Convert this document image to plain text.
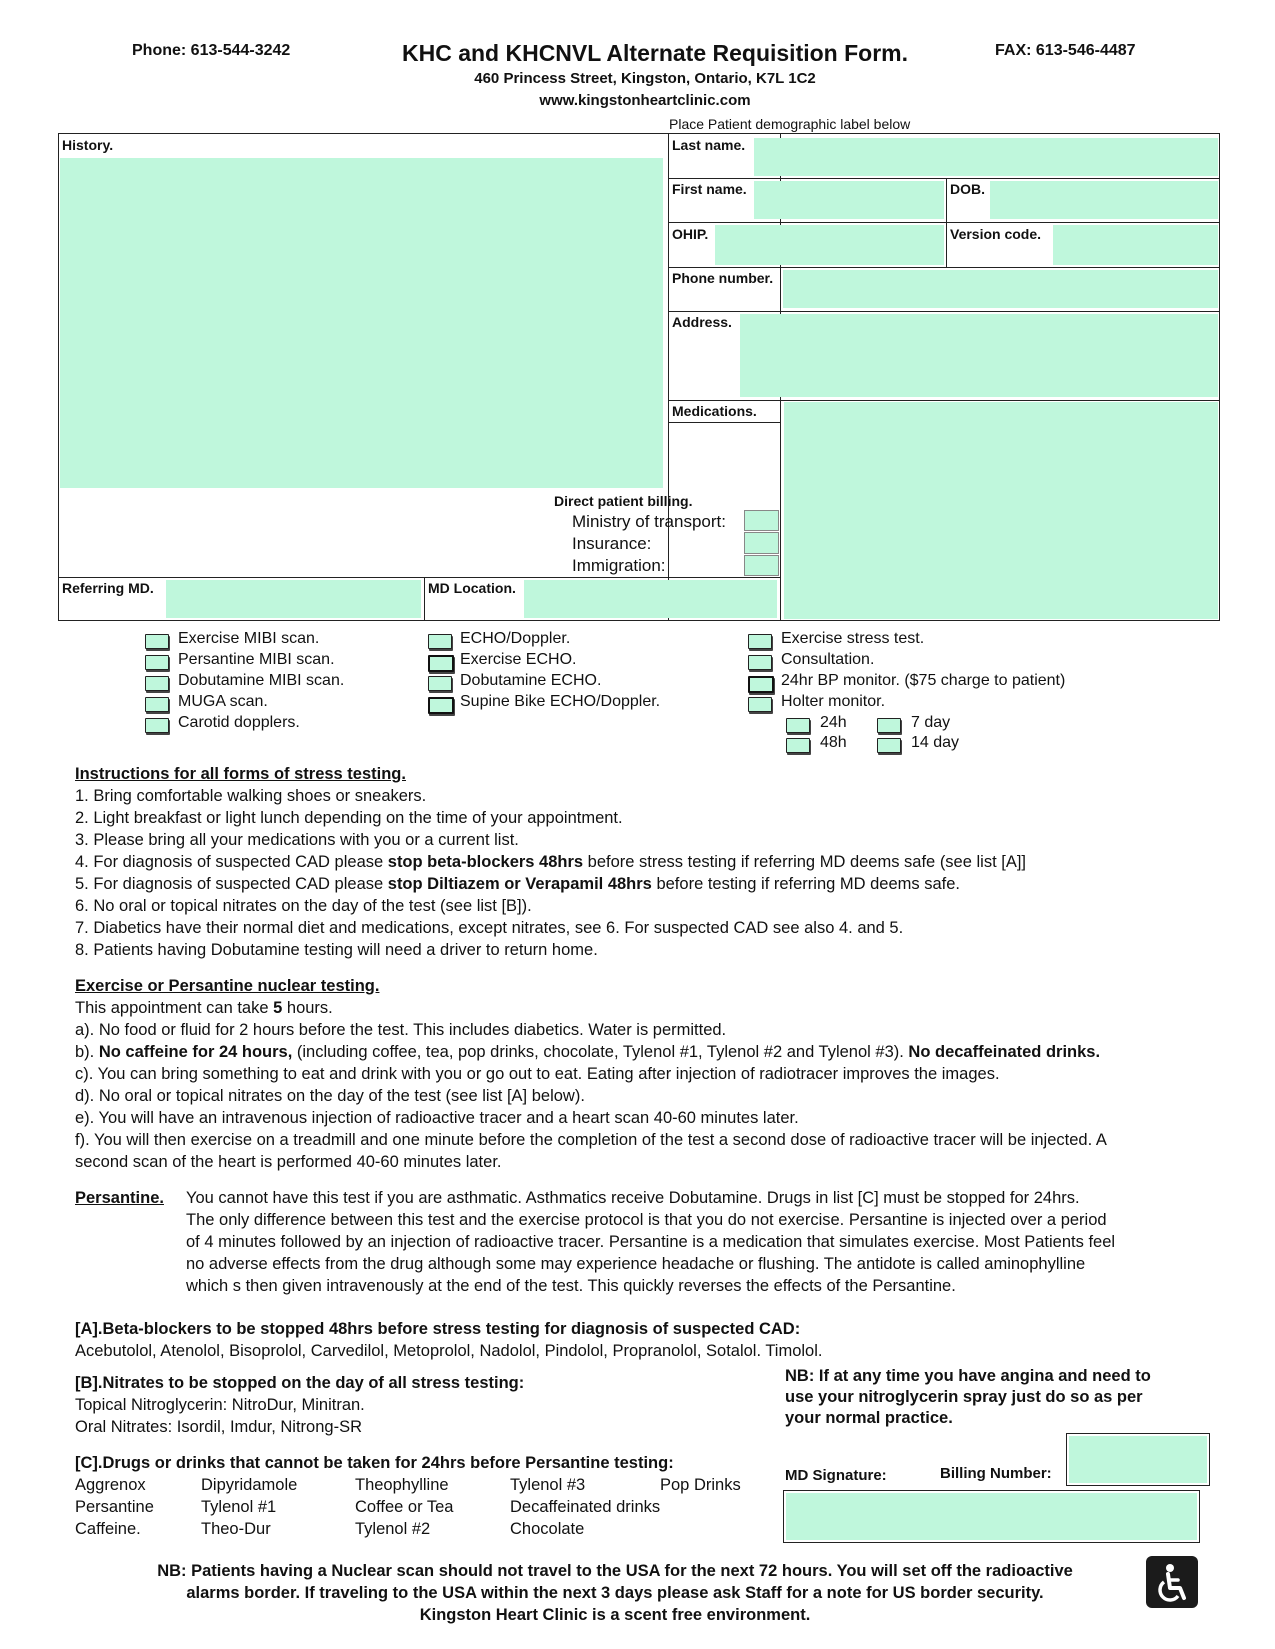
Phone: 613-544-3242	KHC and KHCNVL Alternate Requisition Form.	FAX: 613-546-4487
460 Princess Street, Kingston, Ontario, K7L 1C2
www.kingstonheartclinic.com
Place Patient demographic label below
History.	Last name.
First name.	DOB.
OHIP.	Version code.
Phone number.
Address.
Medications.
Direct patient billing.
Ministry of transport:
Insurance:
Immigration:
Referring MD.	MD Location.
Exercise MIBI scan.
Persantine MIBI scan.
Dobutamine MIBI scan.
MUGA scan.
Carotid dopplers.
ECHO/Doppler.
Exercise ECHO.
Dobutamine ECHO.
Supine Bike ECHO/Doppler.
Exercise stress test.
Consultation.
24hr BP monitor. ($75 charge to patient)
Holter monitor.
24h	7 day
48h	14 day

Instructions for all forms of stress testing.

1. Bring comfortable walking shoes or sneakers.

2. Light breakfast or light lunch depending on the time of your appointment.

3. Please bring all your medications with you or a current list.

4. For diagnosis of suspected CAD please stop beta-blockers 48hrs before stress testing if referring MD deems safe (see list [A]]

5. For diagnosis of suspected CAD please stop Diltiazem or Verapamil 48hrs before testing if referring MD deems safe.

6. No oral or topical nitrates on the day of the test (see list [B]).

7. Diabetics have their normal diet and medications, except nitrates, see 6. For suspected CAD see also 4. and 5.

8. Patients having Dobutamine testing will need a driver to return home.

Exercise or Persantine nuclear testing.

This appointment can take 5 hours.

a). No food or fluid for 2 hours before the test. This includes diabetics. Water is permitted.

b). No caffeine for 24 hours, (including coffee, tea, pop drinks, chocolate, Tylenol #1, Tylenol #2 and Tylenol #3). No decaffeinated drinks.

c). You can bring something to eat and drink with you or go out to eat. Eating after injection of radiotracer improves the images.

d). No oral or topical nitrates on the day of the test (see list [A] below).

e). You will have an intravenous injection of radioactive tracer and a heart scan 40-60 minutes later.

f). You will then exercise on a treadmill and one minute before the completion of the test a second dose of radioactive tracer will be injected. A

second scan of the heart is performed 40-60 minutes later.

Persantine. You cannot have this test if you are asthmatic. Asthmatics receive Dobutamine. Drugs in list [C] must be stopped for 24hrs.

The only difference between this test and the exercise protocol is that you do not exercise. Persantine is injected over a period

of 4 minutes followed by an injection of radioactive tracer. Persantine is a medication that simulates exercise. Most Patients feel

no adverse effects from the drug although some may experience headache or flushing. The antidote is called aminophylline

which s then given intravenously at the end of the test. This quickly reverses the effects of the Persantine.

[A].Beta-blockers to be stopped 48hrs before stress testing for diagnosis of suspected CAD:

Acebutolol, Atenolol, Bisoprolol, Carvedilol, Metoprolol, Nadolol, Pindolol, Propranolol, Sotalol. Timolol.

[B].Nitrates to be stopped on the day of all stress testing:

Topical Nitroglycerin: NitroDur, Minitran.

Oral Nitrates: Isordil, Imdur, Nitrong-SR

NB: If at any time you have angina and need to
use your nitroglycerin spray just do so as per
your normal practice.
[C].Drugs or drinks that cannot be taken for 24hrs before Persantine testing:
Aggrenox	Dipyridamole	Theophylline	Tylenol #3	Pop Drinks
Persantine	Tylenol #1	Coffee or Tea	Decaffeinated drinks
Caffeine.	Theo-Dur	Tylenol #2	Chocolate
MD Signature:	Billing Number:
NB: Patients having a Nuclear scan should not travel to the USA for the next 72 hours. You will set off the radioactive
alarms border. If traveling to the USA within the next 3 days please ask Staff for a note for US border security.
Kingston Heart Clinic is a scent free environment.
